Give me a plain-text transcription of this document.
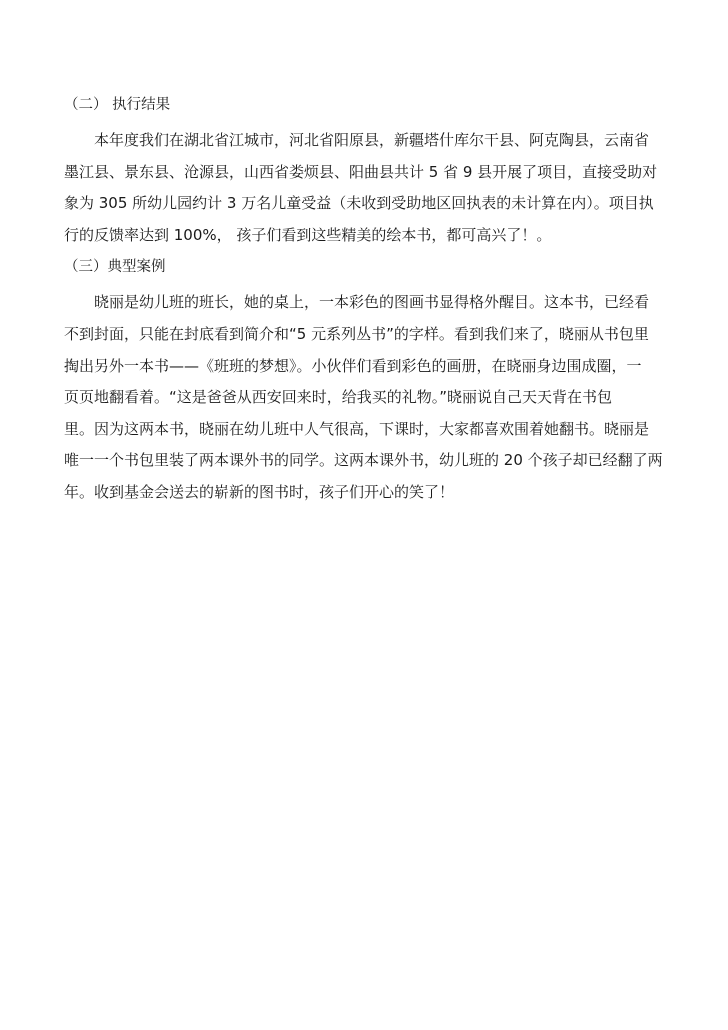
（二） 执行结果
本年度我们在湖北省江城市，河北省阳原县，新疆塔什库尔干县、阿克陶县，云南省
墨江县、景东县、沧源县，山西省娄烦县、阳曲县共计 5 省 9 县开展了项目，直接受助对
象为 305 所幼儿园约计 3 万名儿童受益（未收到受助地区回执表的未计算在内）。项目执
行的反馈率达到 100%， 孩子们看到这些精美的绘本书，都可高兴了！。
（三）典型案例
晓丽是幼儿班的班长，她的桌上，一本彩色的图画书显得格外醒目。这本书，已经看
不到封面，只能在封底看到简介和“5 元系列丛书”的字样。看到我们来了，晓丽从书包里
掏出另外一本书——《班班的梦想》。小伙伴们看到彩色的画册，在晓丽身边围成圈，一
页页地翻看着。“这是爸爸从西安回来时，给我买的礼物。”晓丽说自己天天背在书包
里。因为这两本书，晓丽在幼儿班中人气很高，下课时，大家都喜欢围着她翻书。晓丽是
唯一一个书包里装了两本课外书的同学。这两本课外书，幼儿班的 20 个孩子却已经翻了两
年。收到基金会送去的崭新的图书时，孩子们开心的笑了！
